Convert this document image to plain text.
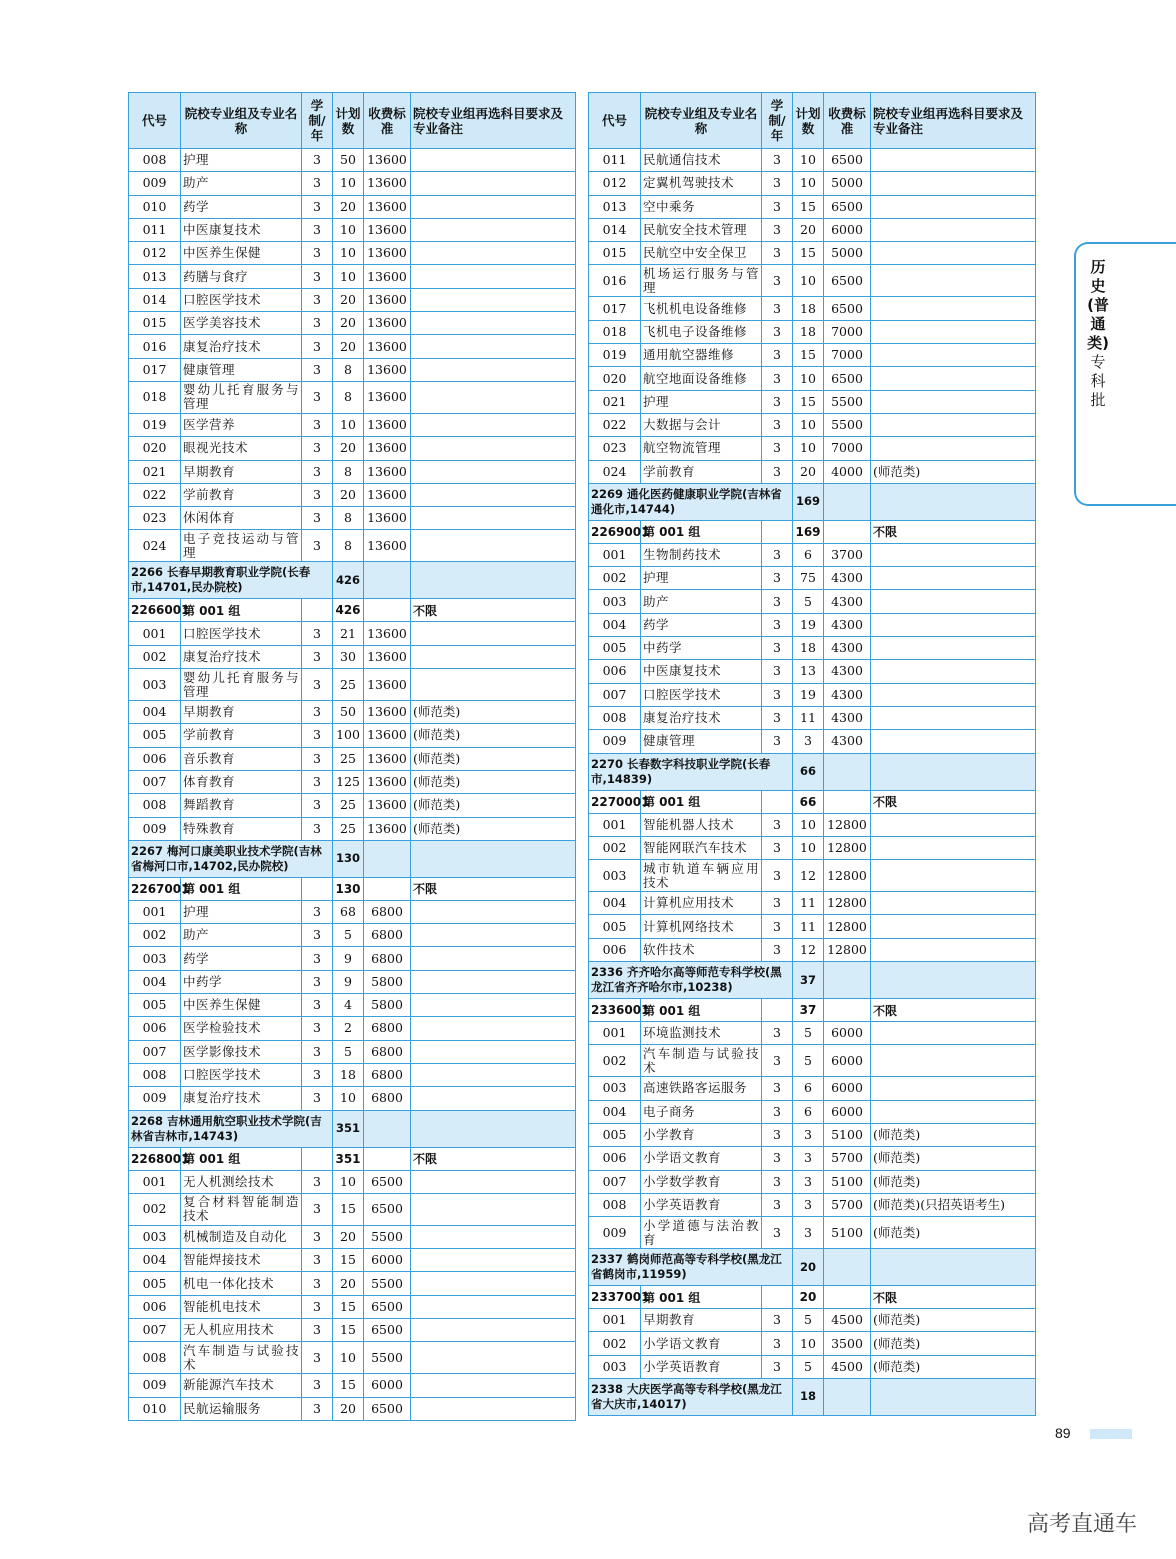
代号	院校专业组及专业名称	学制/年	计划数	收费标准	院校专业组再选科目要求及专业备注
008	护理	3	50	13600	
009	助产	3	10	13600	
010	药学	3	20	13600	
011	中医康复技术	3	10	13600	
012	中医养生保健	3	10	13600	
013	药膳与食疗	3	10	13600	
014	口腔医学技术	3	20	13600	
015	医学美容技术	3	20	13600	
016	康复治疗技术	3	20	13600	
017	健康管理	3	8	13600	
018	婴幼儿托育服务与管理	3	8	13600	
019	医学营养	3	10	13600	
020	眼视光技术	3	20	13600	
021	早期教育	3	8	13600	
022	学前教育	3	20	13600	
023	休闲体育	3	8	13600	
024	电子竞技运动与管理	3	8	13600	
2266 长春早期教育职业学院(长春市,14701,民办院校)			426		
2266001	第 001 组		426		不限
001	口腔医学技术	3	21	13600	
002	康复治疗技术	3	30	13600	
003	婴幼儿托育服务与管理	3	25	13600	
004	早期教育	3	50	13600	(师范类)
005	学前教育	3	100	13600	(师范类)
006	音乐教育	3	25	13600	(师范类)
007	体育教育	3	125	13600	(师范类)
008	舞蹈教育	3	25	13600	(师范类)
009	特殊教育	3	25	13600	(师范类)
2267 梅河口康美职业技术学院(吉林省梅河口市,14702,民办院校)			130		
2267001	第 001 组		130		不限
001	护理	3	68	6800	
002	助产	3	5	6800	
003	药学	3	9	6800	
004	中药学	3	9	5800	
005	中医养生保健	3	4	5800	
006	医学检验技术	3	2	6800	
007	医学影像技术	3	5	6800	
008	口腔医学技术	3	18	6800	
009	康复治疗技术	3	10	6800	
2268 吉林通用航空职业技术学院(吉林省吉林市,14743)			351		
2268001	第 001 组		351		不限
001	无人机测绘技术	3	10	6500	
002	复合材料智能制造技术	3	15	6500	
003	机械制造及自动化	3	20	5500	
004	智能焊接技术	3	15	6000	
005	机电一体化技术	3	20	5500	
006	智能机电技术	3	15	6500	
007	无人机应用技术	3	15	6500	
008	汽车制造与试验技术	3	10	5500	
009	新能源汽车技术	3	15	6000	
010	民航运输服务	3	20	6500	
代号	院校专业组及专业名称	学制/年	计划数	收费标准	院校专业组再选科目要求及专业备注
011	民航通信技术	3	10	6500	
012	定翼机驾驶技术	3	10	5000	
013	空中乘务	3	15	6500	
014	民航安全技术管理	3	20	6000	
015	民航空中安全保卫	3	15	5000	
016	机场运行服务与管理	3	10	6500	
017	飞机机电设备维修	3	18	6500	
018	飞机电子设备维修	3	18	7000	
019	通用航空器维修	3	15	7000	
020	航空地面设备维修	3	10	6500	
021	护理	3	15	5500	
022	大数据与会计	3	10	5500	
023	航空物流管理	3	10	7000	
024	学前教育	3	20	4000	(师范类)
2269 通化医药健康职业学院(吉林省通化市,14744)			169		
2269001	第 001 组		169		不限
001	生物制药技术	3	6	3700	
002	护理	3	75	4300	
003	助产	3	5	4300	
004	药学	3	19	4300	
005	中药学	3	18	4300	
006	中医康复技术	3	13	4300	
007	口腔医学技术	3	19	4300	
008	康复治疗技术	3	11	4300	
009	健康管理	3	3	4300	
2270 长春数字科技职业学院(长春市,14839)			66		
2270001	第 001 组		66		不限
001	智能机器人技术	3	10	12800	
002	智能网联汽车技术	3	10	12800	
003	城市轨道车辆应用技术	3	12	12800	
004	计算机应用技术	3	11	12800	
005	计算机网络技术	3	11	12800	
006	软件技术	3	12	12800	
2336 齐齐哈尔高等师范专科学校(黑龙江省齐齐哈尔市,10238)			37		
2336001	第 001 组		37		不限
001	环境监测技术	3	5	6000	
002	汽车制造与试验技术	3	5	6000	
003	高速铁路客运服务	3	6	6000	
004	电子商务	3	6	6000	
005	小学教育	3	3	5100	(师范类)
006	小学语文教育	3	3	5700	(师范类)
007	小学数学教育	3	3	5100	(师范类)
008	小学英语教育	3	3	5700	(师范类)(只招英语考生)
009	小学道德与法治教育	3	3	5100	(师范类)
2337 鹤岗师范高等专科学校(黑龙江省鹤岗市,11959)			20		
2337001	第 001 组		20		不限
001	早期教育	3	5	4500	(师范类)
002	小学语文教育	3	10	3500	(师范类)
003	小学英语教育	3	5	4500	(师范类)
2338 大庆医学高等专科学校(黑龙江省大庆市,14017)			18		
历史(普通类)
专科批
89
高考直通车
